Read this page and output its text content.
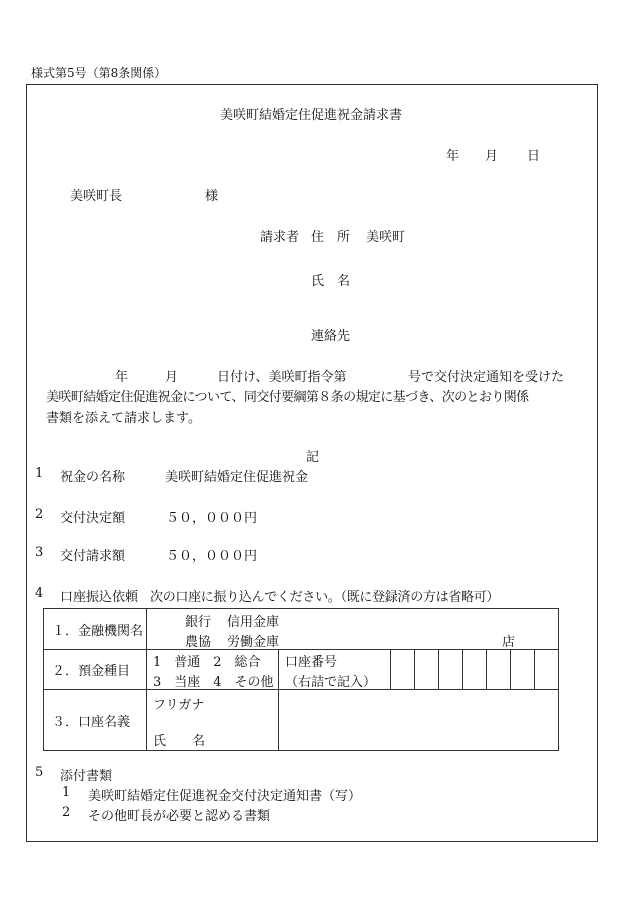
様式第5号（第8条関係）
美咲町結婚定住促進祝金請求書
年 月 日
美咲町長	様
請求者 住　所 美咲町
氏　名
連絡先
年	月	日付け、美咲町指令第	号で交付決定通知を受けた
美咲町結婚定住促進祝金について、同交付要綱第８条の規定に基づき、次のとおり関係
書類を添えて請求します。
記
1 祝金の名称	美咲町結婚定住促進祝金
2 交付決定額	５０，０００円
3 交付請求額	５０，０００円
4 口座振込依頼 次の口座に振り込んでください。（既に登録済の方は省略可）
１．金融機関名	銀行 信用金庫
農協 労働金庫 店								

２．預金種目	1　普通　2　総合
3　当座　4　その他	口座番号
（右詰で記入）							

３．口座名義	フリガナ
氏　　名								

5 添付書類
1 美咲町結婚定住促進祝金交付決定通知書（写）
2 その他町長が必要と認める書類
